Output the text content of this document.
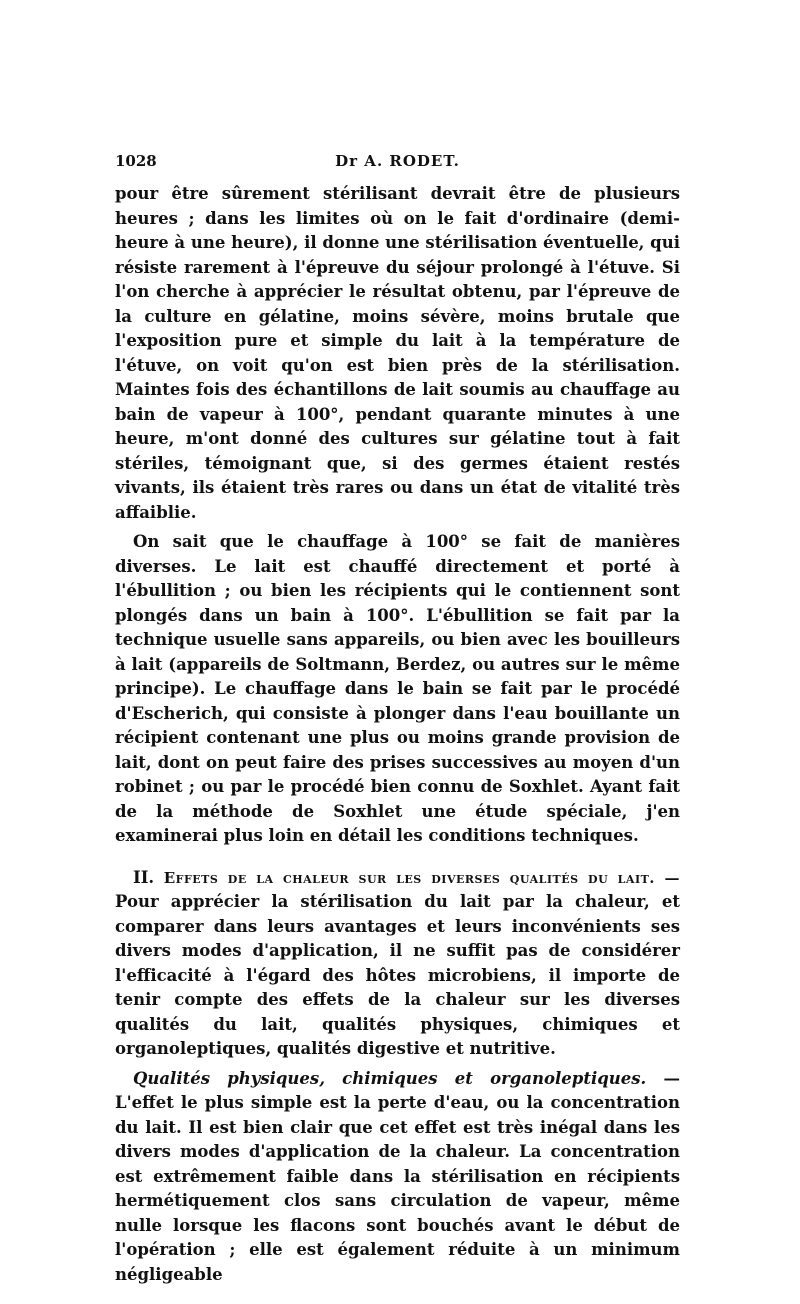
1028	Dr A. RODET.

pour être sûrement stérilisant devrait être de plusieurs heures ; dans les limites où on le fait d'ordinaire (demi-heure à une heure), il donne une stérilisation éventuelle, qui résiste rarement à l'épreuve du séjour prolongé à l'étuve. Si l'on cherche à apprécier le résultat obtenu, par l'épreuve de la culture en gélatine, moins sévère, moins brutale que l'exposition pure et simple du lait à la température de l'étuve, on voit qu'on est bien près de la stérilisation. Maintes fois des échantillons de lait soumis au chauffage au bain de vapeur à 100°, pendant quarante minutes à une heure, m'ont donné des cultures sur gélatine tout à fait stériles, témoignant que, si des germes étaient restés vivants, ils étaient très rares ou dans un état de vitalité très affaiblie.

On sait que le chauffage à 100° se fait de manières diverses. Le lait est chauffé directement et porté à l'ébullition ; ou bien les récipients qui le contiennent sont plongés dans un bain à 100°. L'ébullition se fait par la technique usuelle sans appareils, ou bien avec les bouilleurs à lait (appareils de Soltmann, Berdez, ou autres sur le même principe). Le chauffage dans le bain se fait par le procédé d'Escherich, qui consiste à plonger dans l'eau bouillante un récipient contenant une plus ou moins grande provision de lait, dont on peut faire des prises successives au moyen d'un robinet ; ou par le procédé bien connu de Soxhlet. Ayant fait de la méthode de Soxhlet une étude spéciale, j'en examinerai plus loin en détail les conditions techniques.

II. Effets de la chaleur sur les diverses qualités du lait. — Pour apprécier la stérilisation du lait par la chaleur, et comparer dans leurs avantages et leurs inconvénients ses divers modes d'application, il ne suffit pas de considérer l'efficacité à l'égard des hôtes microbiens, il importe de tenir compte des effets de la chaleur sur les diverses qualités du lait, qualités physiques, chimiques et organoleptiques, qualités digestive et nutritive.

Qualités physiques, chimiques et organoleptiques. — L'effet le plus simple est la perte d'eau, ou la concentration du lait. Il est bien clair que cet effet est très inégal dans les divers modes d'application de la chaleur. La concentration est extrêmement faible dans la stérilisation en récipients hermétiquement clos sans circulation de vapeur, même nulle lorsque les flacons sont bouchés avant le début de l'opération ; elle est également réduite à un minimum négligeable
